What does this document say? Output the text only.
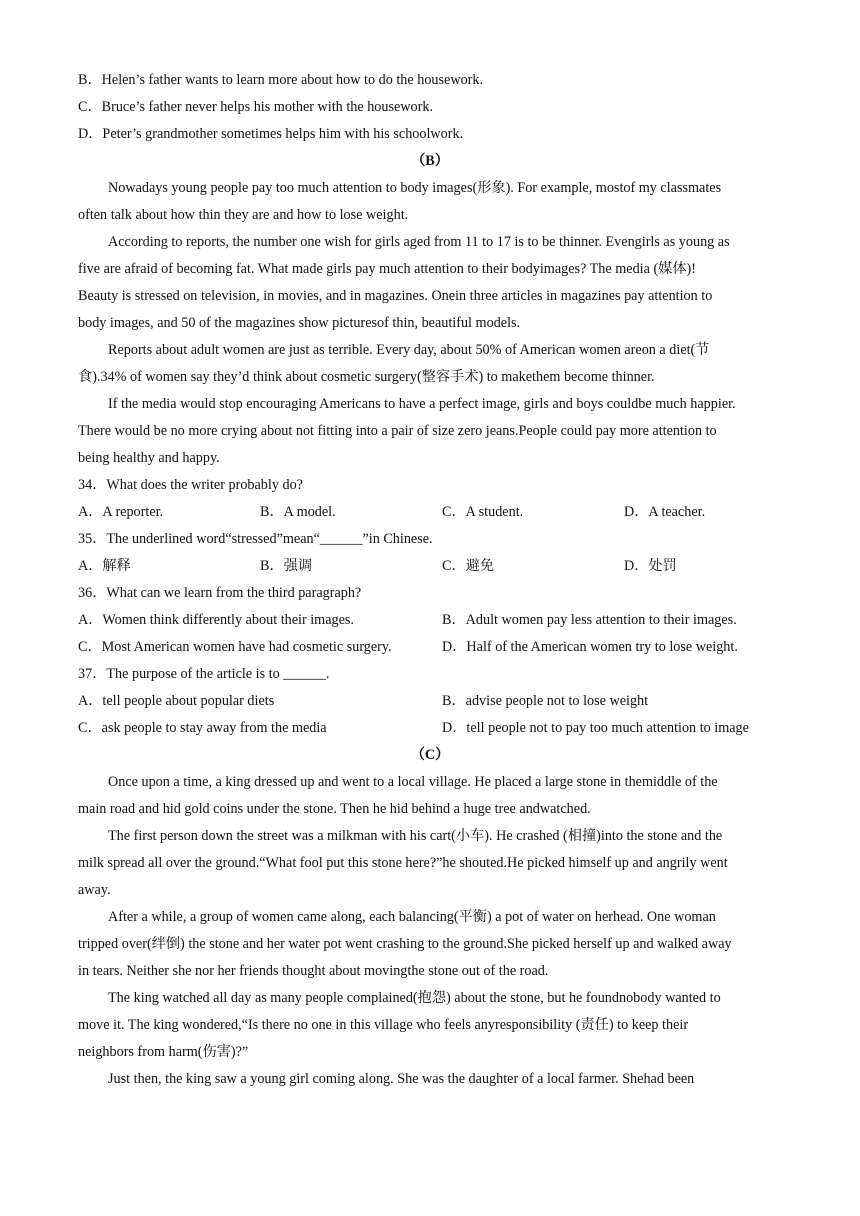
B．Helen’s father wants to learn more about how to do the housework.
C．Bruce’s father never helps his mother with the housework.
D．Peter’s grandmother sometimes helps him with his schoolwork.
（B）
Nowadays young people pay too much attention to body images(形象). For example, mostof my classmates
often talk about how thin they are and how to lose weight.
According to reports, the number one wish for girls aged from 11 to 17 is to be thinner. Evengirls as young as
five are afraid of becoming fat. What made girls pay much attention to their bodyimages? The media (媒体)!
Beauty is stressed on television, in movies, and in magazines. Onein three articles in magazines pay attention to
body images, and 50 of the magazines show picturesof thin, beautiful models.
Reports about adult women are just as terrible. Every day, about 50% of American women areon a diet(节
食).34% of women say they’d think about cosmetic surgery(整容手术) to makethem become thinner.
If the media would stop encouraging Americans to have a perfect image, girls and boys couldbe much happier.
There would be no more crying about not fitting into a pair of size zero jeans.People could pay more attention to
being healthy and happy.
34．What does the writer probably do?
A．A reporter.	B．A model.	C．A student.	D．A teacher.
35．The underlined word“stressed”mean“______”in Chinese.
A．解释	B．强调	C．避免	D．处罚
36．What can we learn from the third paragraph?
A．Women think differently about their images.	B．Adult women pay less attention to their images.
C．Most American women have had cosmetic surgery.	D．Half of the American women try to lose weight.
37．The purpose of the article is to ______.
A．tell people about popular diets	B．advise people not to lose weight
C．ask people to stay away from the media	D．tell people not to pay too much attention to image
（C）
Once upon a time, a king dressed up and went to a local village. He placed a large stone in themiddle of the
main road and hid gold coins under the stone. Then he hid behind a huge tree andwatched.
The first person down the street was a milkman with his cart(小车). He crashed (相撞)into the stone and the
milk spread all over the ground.“What fool put this stone here?”he shouted.He picked himself up and angrily went
away.
After a while, a group of women came along, each balancing(平衡) a pot of water on herhead. One woman
tripped over(绊倒) the stone and her water pot went crashing to the ground.She picked herself up and walked away
in tears. Neither she nor her friends thought about movingthe stone out of the road.
The king watched all day as many people complained(抱怨) about the stone, but he foundnobody wanted to
move it. The king wondered,“Is there no one in this village who feels anyresponsibility (责任) to keep their
neighbors from harm(伤害)?”
Just then, the king saw a young girl coming along. She was the daughter of a local farmer. Shehad been
